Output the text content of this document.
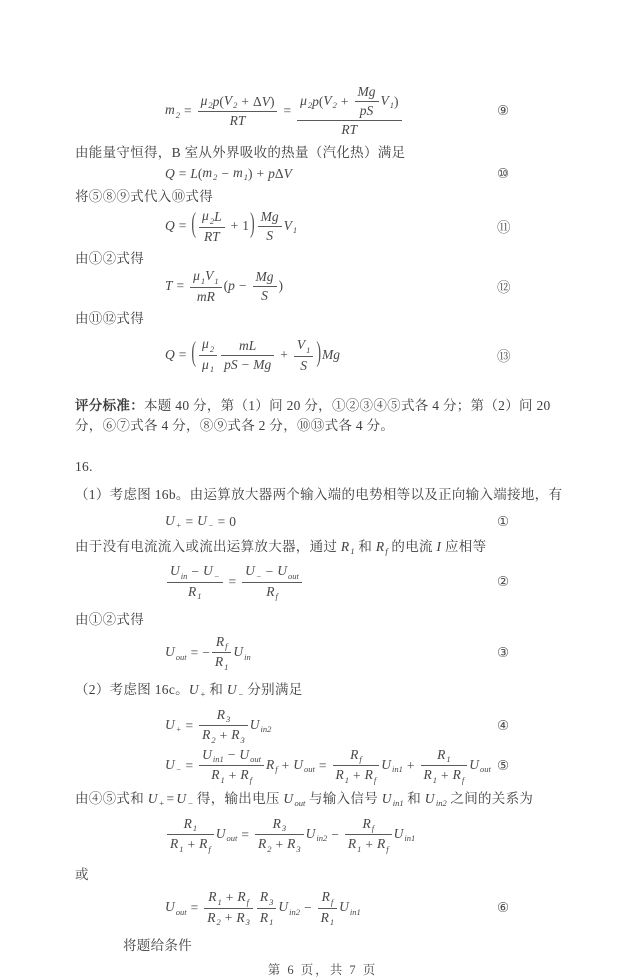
$m_2 = \frac{\mu_2 p ( V_2 + \Delta V )}{RT}$ =
$\mu_2$ p ( $V_2 + \frac{Mg}{pS} V_1$ )
RT
⑨

由能量守恒得，B 室从外界吸收的热量（汽化热）满足

Q = L ( $m_2 - m_1$ ) + p Δ V	⑩

将⑤⑧⑨式代入⑩式得

Q = ( $\mu_2$ L
RT
+ 1 ) Mg
S
$V_1$	⑪

由①②式得

$T = \frac{\mu_1 V_1}{mR}$ ( $p - \frac{Mg}{S}$ )	⑫

由⑪⑫式得

Q = ( $\mu_2$
$\mu_1$
mL
pS − Mg
+ $\frac{V_1}{S}$ ) Mg	⑬

评分标准：本题 40 分，第（1）问 20 分，①②③④⑤式各 4 分；第（2）问 20 分，⑥⑦式各 4 分，⑧⑨式各 2 分，⑩⑬式各 4 分。

16.

（1）考虑图 16b。由运算放大器两个输入端的电势相等以及正向输入端接地，有

$U_+ = U_- = 0$	①

由于没有电流流入或流出运算放大器，通过 $R_1$ 和 $R_f$ 的电流 I 应相等

$U_{in} - U_-$
$R_1$
=
$U_- - U_{out}$
$R_f$
②

由①②式得

$U_{out}$ = − $\frac{R_f}{R_1} U_{in}$	③

（2）考虑图 16c。$U_+$ 和 $U_-$ 分别满足

$U_+ = \frac{R_3}{R_2 + R_3} U_{in2}$	④
$U_-$ =
$U_{in1} - U_{out}$
$R_1 + R_f$
$R_f + U_{out} = \frac{R_f}{R_1 + R_f} U_{in1} + \frac{R_1}{R_1 + R_f} U_{out}$ ⑤

由④⑤式和 $U_+ = U_-$ 得，输出电压 $U_{out}$ 与输入信号 $U_{in1}$ 和 $U_{in2}$ 之间的关系为

$R_1$
$R_1 + R_f$
$U_{out} = \frac{R_3}{R_2 + R_3} U_{in2} - \frac{R_f}{R_1 + R_f} U_{in1}$

或

$U_{out} = \frac{R_1 + R_f}{R_2 + R_3} R_3$
$R_1$
$U_{in2} - \frac{R_f}{R_1} U_{in1}$	⑥

将题给条件

第 6 页，共 7 页
